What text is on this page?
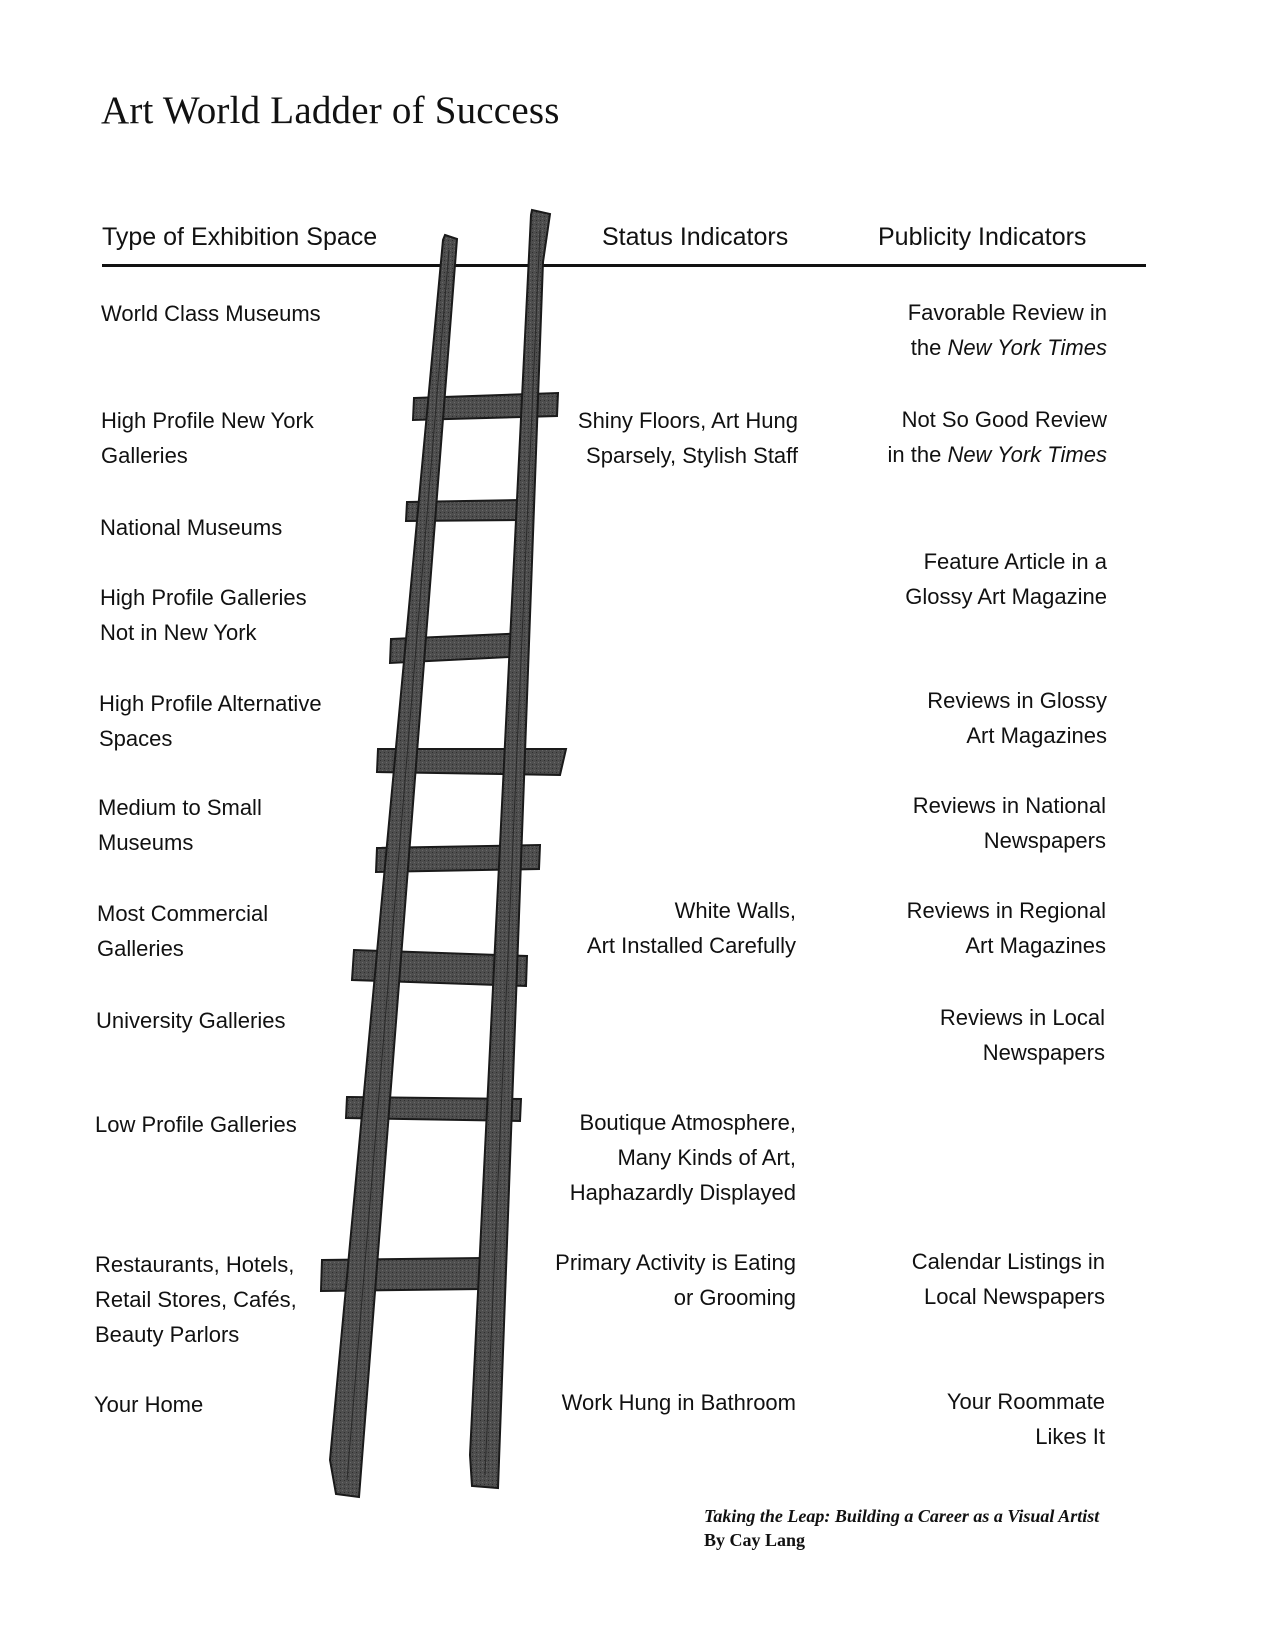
Art World Ladder of Success
Type of Exhibition Space	Status Indicators	Publicity Indicators
World Class Museums
High Profile New York
Galleries
National Museums
High Profile Galleries
Not in New York
High Profile Alternative
Spaces
Medium to Small
Museums
Most Commercial
Galleries
University Galleries
Low Profile Galleries
Restaurants, Hotels,
Retail Stores, Cafés,
Beauty Parlors
Your Home
Shiny Floors, Art Hung
Sparsely, Stylish Staff
White Walls,
Art Installed Carefully
Boutique Atmosphere,
Many Kinds of Art,
Haphazardly Displayed
Primary Activity is Eating
or Grooming
Work Hung in Bathroom
Favorable Review in
the New York Times
Not So Good Review
in the New York Times
Feature Article in a
Glossy Art Magazine
Reviews in Glossy
Art Magazines
Reviews in National
Newspapers
Reviews in Regional
Art Magazines
Reviews in Local
Newspapers
Calendar Listings in
Local Newspapers
Your Roommate
Likes It
Taking the Leap: Building a Career as a Visual Artist
By Cay Lang
